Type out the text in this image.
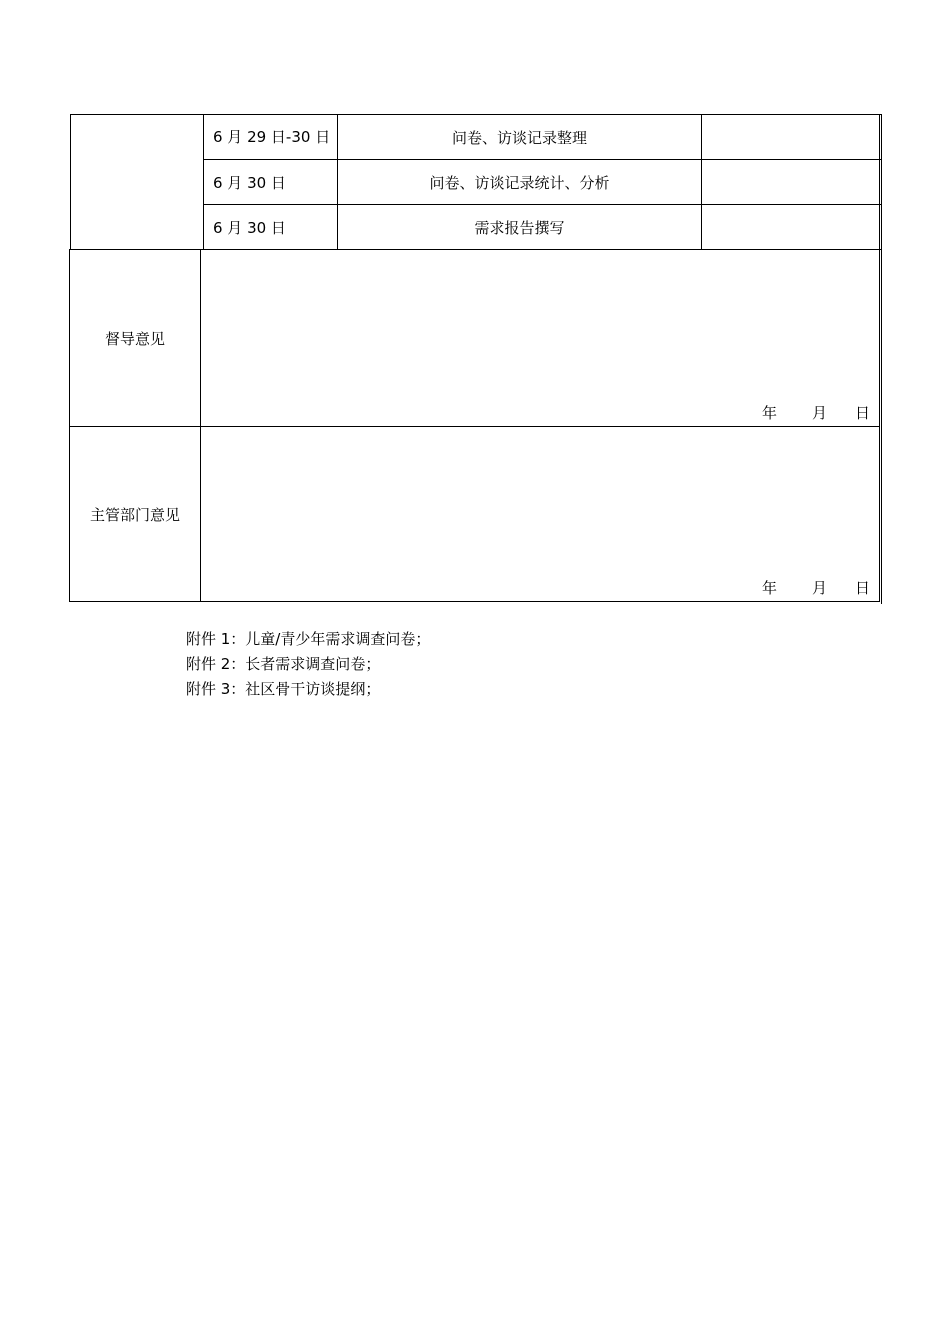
6 月 29 日-30 日	问卷、访谈记录整理
6 月 30 日	问卷、访谈记录统计、分析
6 月 30 日	需求报告撰写
督导意见
年 月 日
主管部门意见
年 月 日
附件 1：儿童/青少年需求调查问卷；
附件 2：长者需求调查问卷；
附件 3：社区骨干访谈提纲；
